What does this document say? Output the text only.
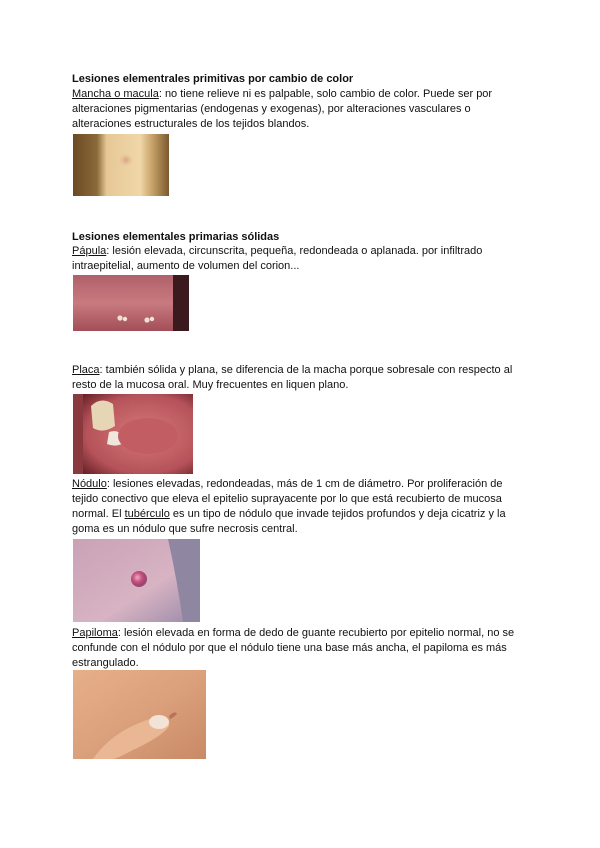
Lesiones elementrales primitivas por cambio de color

Mancha o macula: no tiene relieve ni es palpable, solo cambio de color. Puede ser por alteraciones pigmentarias (endogenas y exogenas), por alteraciones vasculares o alteraciones estructurales de los tejidos blandos.

Lesiones elementales primarias sólidas

Pápula: lesión elevada, circunscrita, pequeña, redondeada o aplanada. por infiltrado intraepitelial, aumento de volumen del corion...

Placa: también sólida y plana, se diferencia de la macha porque sobresale con respecto al resto de la mucosa oral. Muy frecuentes en liquen plano.

Nódulo: lesiones elevadas, redondeadas, más de 1 cm de diámetro. Por proliferación de tejido conectivo que eleva el epitelio suprayacente por lo que está recubierto de mucosa normal. El tubérculo es un tipo de nódulo que invade tejidos profundos y deja cicatriz y la goma es un nódulo que sufre necrosis central.

Papiloma: lesión elevada en forma de dedo de guante recubierto por epitelio normal, no se confunde con el nódulo por que el nódulo tiene una base más ancha, el papiloma es más estrangulado.
